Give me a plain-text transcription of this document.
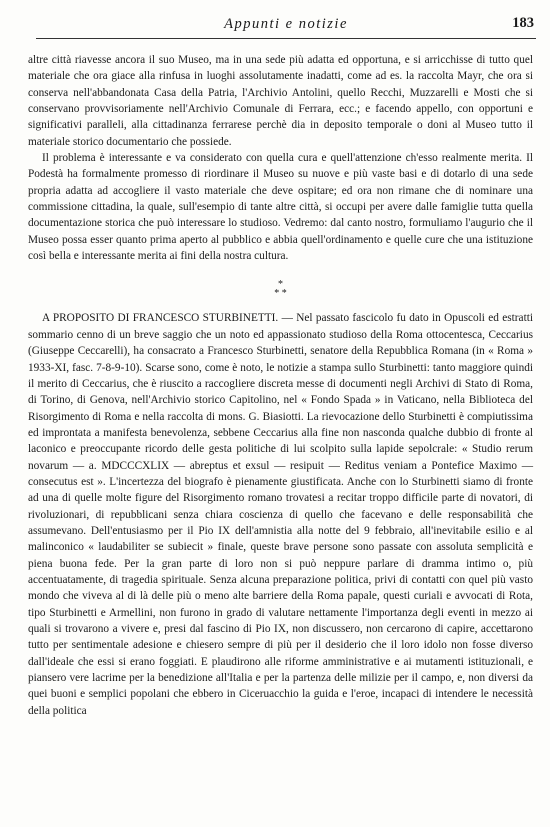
Appunti e notizie	183

altre città riavesse ancora il suo Museo, ma in una sede più adatta ed opportuna, e si arricchisse di tutto quel materiale che ora giace alla rinfusa in luoghi assolutamente inadatti, come ad es. la raccolta Mayr, che ora si conserva nell'abbandonata Casa della Patria, l'Archivio Antolini, quello Recchi, Muzzarelli e Mosti che si conservano provvisoriamente nell'Archivio Comunale di Ferrara, ecc.; e facendo appello, con opportuni e significativi paralleli, alla cittadinanza ferrarese perchè dia in deposito temporale o doni al Museo tutto il materiale storico documentario che possiede.

Il problema è interessante e va considerato con quella cura e quell'attenzione ch'esso realmente merita. Il Podestà ha formalmente promesso di riordinare il Museo su nuove e più vaste basi e di dotarlo di una sede propria adatta ad accogliere il vasto materiale che deve ospitare; ed ora non rimane che di nominare una commissione cittadina, la quale, sull'esempio di tante altre città, si occupi per avere dalle famiglie tutta quella documentazione storica che può interessare lo studioso. Vedremo: dal canto nostro, formuliamo l'augurio che il Museo possa esser quanto prima aperto al pubblico e abbia quell'ordinamento e quelle cure che una istituzione così bella e interessante merita ai fini della nostra cultura.

*
* *

A PROPOSITO DI FRANCESCO STURBINETTI. — Nel passato fascicolo fu dato in Opuscoli ed estratti sommario cenno di un breve saggio che un noto ed appassionato studioso della Roma ottocentesca, Ceccarius (Giuseppe Ceccarelli), ha consacrato a Francesco Sturbinetti, senatore della Repubblica Romana (in « Roma » 1933-XI, fasc. 7-8-9-10). Scarse sono, come è noto, le notizie a stampa sullo Sturbinetti: tanto maggiore quindi il merito di Ceccarius, che è riuscito a raccogliere discreta messe di documenti negli Archivi di Stato di Roma, di Torino, di Genova, nell'Archivio storico Capitolino, nel « Fondo Spada » in Vaticano, nella Biblioteca del Risorgimento di Roma e nella raccolta di mons. G. Biasiotti. La rievocazione dello Sturbinetti è compiutissima ed improntata a manifesta benevolenza, sebbene Ceccarius alla fine non nasconda qualche dubbio di fronte al laconico e preoccupante ricordo delle gesta politiche di lui scolpito sulla lapide sepolcrale: « Studio rerum novarum — a. MDCCCXLIX — abreptus et exsul — resipuit — Reditus veniam a Pontefice Maximo — consecutus est ». L'incertezza del biografo è pienamente giustificata. Anche con lo Sturbinetti siamo di fronte ad una di quelle molte figure del Risorgimento romano trovatesi a recitar troppo difficile parte di novatori, di rivoluzionari, di repubblicani senza chiara coscienza di quello che facevano e delle responsabilità che assumevano. Dell'entusiasmo per il Pio IX dell'amnistia alla notte del 9 febbraio, all'inevitabile esilio e al malinconico « laudabiliter se subiecit » finale, queste brave persone sono passate con assoluta semplicità e piena buona fede. Per la gran parte di loro non si può neppure parlare di dramma intimo o, più accentuatamente, di tragedia spirituale. Senza alcuna preparazione politica, privi di contatti con quel più vasto mondo che viveva al di là delle più o meno alte barriere della Roma papale, questi curiali e avvocati di Rota, tipo Sturbinetti e Armellini, non furono in grado di valutare nettamente l'importanza degli eventi in mezzo ai quali si trovarono a vivere e, presi dal fascino di Pio IX, non discussero, non cercarono di capire, accettarono tutto per sentimentale adesione e chiesero sempre di più per il desiderio che il loro idolo non fosse diverso dall'ideale che essi si erano foggiati. E plaudirono alle riforme amministrative e ai mutamenti istituzionali, e piansero vere lacrime per la benedizione all'Italia e per la partenza delle milizie per il campo, e, non diversi da quei buoni e semplici popolani che ebbero in Ciceruacchio la guida e l'eroe, incapaci di intendere le necessità della politica
